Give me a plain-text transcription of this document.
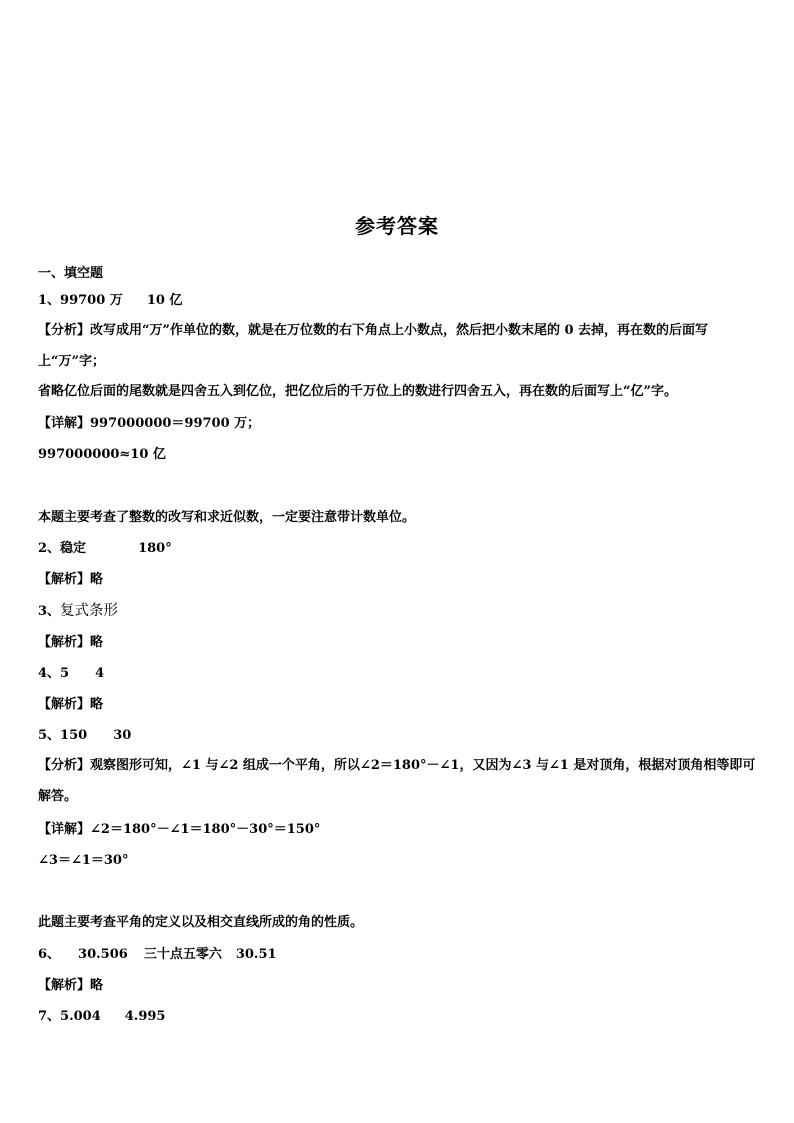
参考答案
一、填空题
1、99700 万 10 亿
【分析】改写成用“万”作单位的数，就是在万位数的右下角点上小数点，然后把小数末尾的 0 去掉，再在数的后面写上“万”字；
省略亿位后面的尾数就是四舍五入到亿位，把亿位后的千万位上的数进行四舍五入，再在数的后面写上“亿”字。
【详解】997000000＝99700 万；
997000000≈10 亿
本题主要考查了整数的改写和求近似数，一定要注意带计数单位。
2、稳定	180°
【解析】略
3、复式条形
【解析】略
4、5 4
【解析】略
5、150 30
【分析】观察图形可知，∠1 与∠2 组成一个平角，所以∠2＝180°－∠1，又因为∠3 与∠1 是对顶角，根据对顶角相等即可解答。
【详解】∠2＝180°－∠1＝180°－30°＝150°
∠3＝∠1＝30°
此题主要考查平角的定义以及相交直线所成的角的性质。
6、 30.506 三十点五零六 30.51
【解析】略
7、5.004 4.995
